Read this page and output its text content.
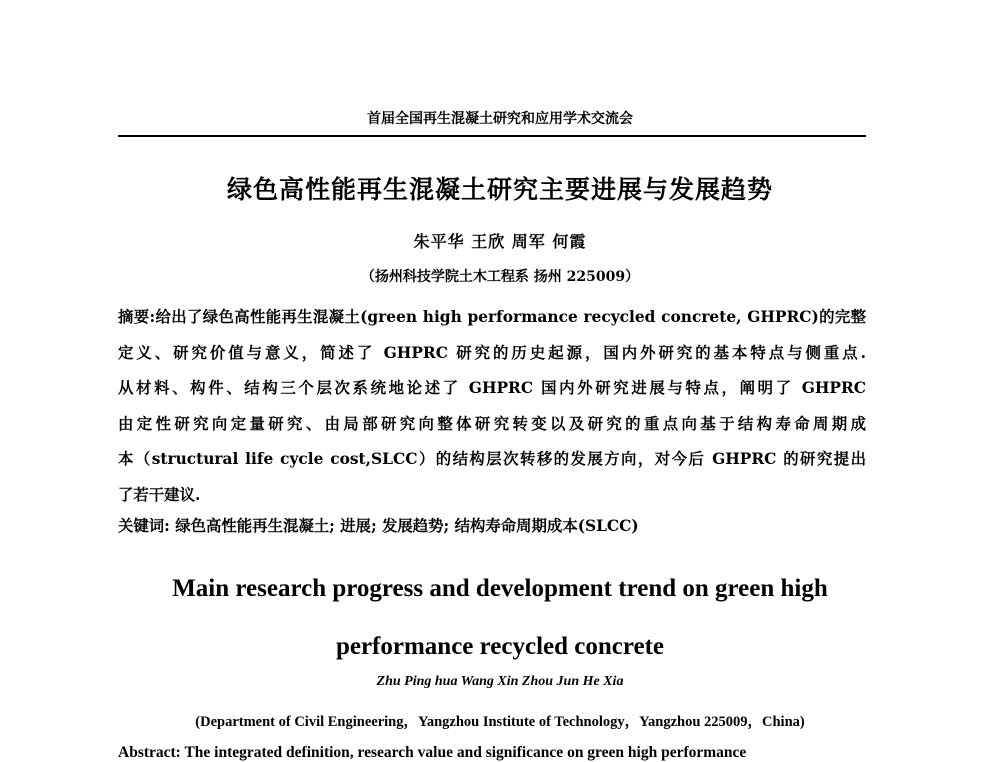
首届全国再生混凝土研究和应用学术交流会
绿色高性能再生混凝土研究主要进展与发展趋势
朱平华 王欣 周军 何霞
（扬州科技学院土木工程系 扬州 225009）
摘要:给出了绿色高性能再生混凝土(green high performance recycled concrete, GHPRC)的完整
定义、研究价值与意义，简述了 GHPRC 研究的历史起源，国内外研究的基本特点与侧重点.
从材料、构件、结构三个层次系统地论述了 GHPRC 国内外研究进展与特点，阐明了 GHPRC
由定性研究向定量研究、由局部研究向整体研究转变以及研究的重点向基于结构寿命周期成
本（structural life cycle cost,SLCC）的结构层次转移的发展方向，对今后 GHPRC 的研究提出
了若干建议.
关键词: 绿色高性能再生混凝土; 进展; 发展趋势; 结构寿命周期成本(SLCC)
Main research progress and development trend on green high
performance recycled concrete
Zhu Ping hua Wang Xin Zhou Jun He Xia
(Department of Civil Engineering，Yangzhou Institute of Technology，Yangzhou 225009，China)
Abstract: The integrated definition, research value and significance on green high performance
